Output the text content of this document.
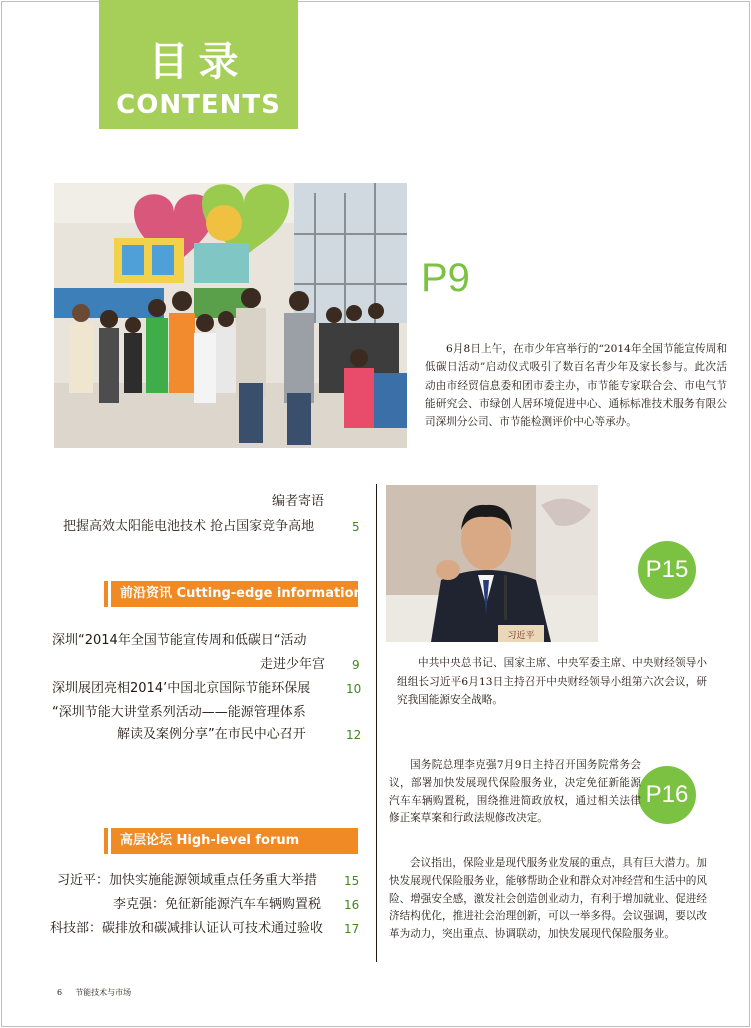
目录
CONTENTS
P9
6月8日上午，在市少年宫举行的“2014年全国节能宣传周和低碳日活动”启动仪式吸引了数百名青少年及家长参与。此次活动由市经贸信息委和团市委主办，市节能专家联合会、市电气节能研究会、市绿创人居环境促进中心、通标标准技术服务有限公司深圳分公司、市节能检测评价中心等承办。
编者寄语
把握高效太阳能电池技术 抢占国家竞争高地	5
前沿资讯 Cutting-edge information
深圳“2014年全国节能宣传周和低碳日“活动
走进少年宫 9
深圳展团亮相2014’中国北京国际节能环保展	10
“深圳节能大讲堂系列活动——能源管理体系
解读及案例分享”在市民中心召开	12
高层论坛 High-level forum
习近平：加快实施能源领域重点任务重大举措 15
李克强：免征新能源汽车车辆购置税 16
科技部：碳排放和碳减排认证认可技术通过验收 17
习近平
P15
中共中央总书记、国家主席、中央军委主席、中央财经领导小组组长习近平6月13日主持召开中央财经领导小组第六次会议，研究我国能源安全战略。
P16
国务院总理李克强7月9日主持召开国务院常务会议，部署加快发展现代保险服务业，决定免征新能源汽车车辆购置税，围绕推进简政放权，通过相关法律修正案草案和行政法规修改决定。
会议指出，保险业是现代服务业发展的重点，具有巨大潜力。加快发展现代保险服务业，能够帮助企业和群众对冲经营和生活中的风险、增强安全感，激发社会创造创业动力，有利于增加就业、促进经济结构优化，推进社会治理创新，可以一举多得。会议强调，要以改革为动力，突出重点、协调联动，加快发展现代保险服务业。
6 节能技术与市场
